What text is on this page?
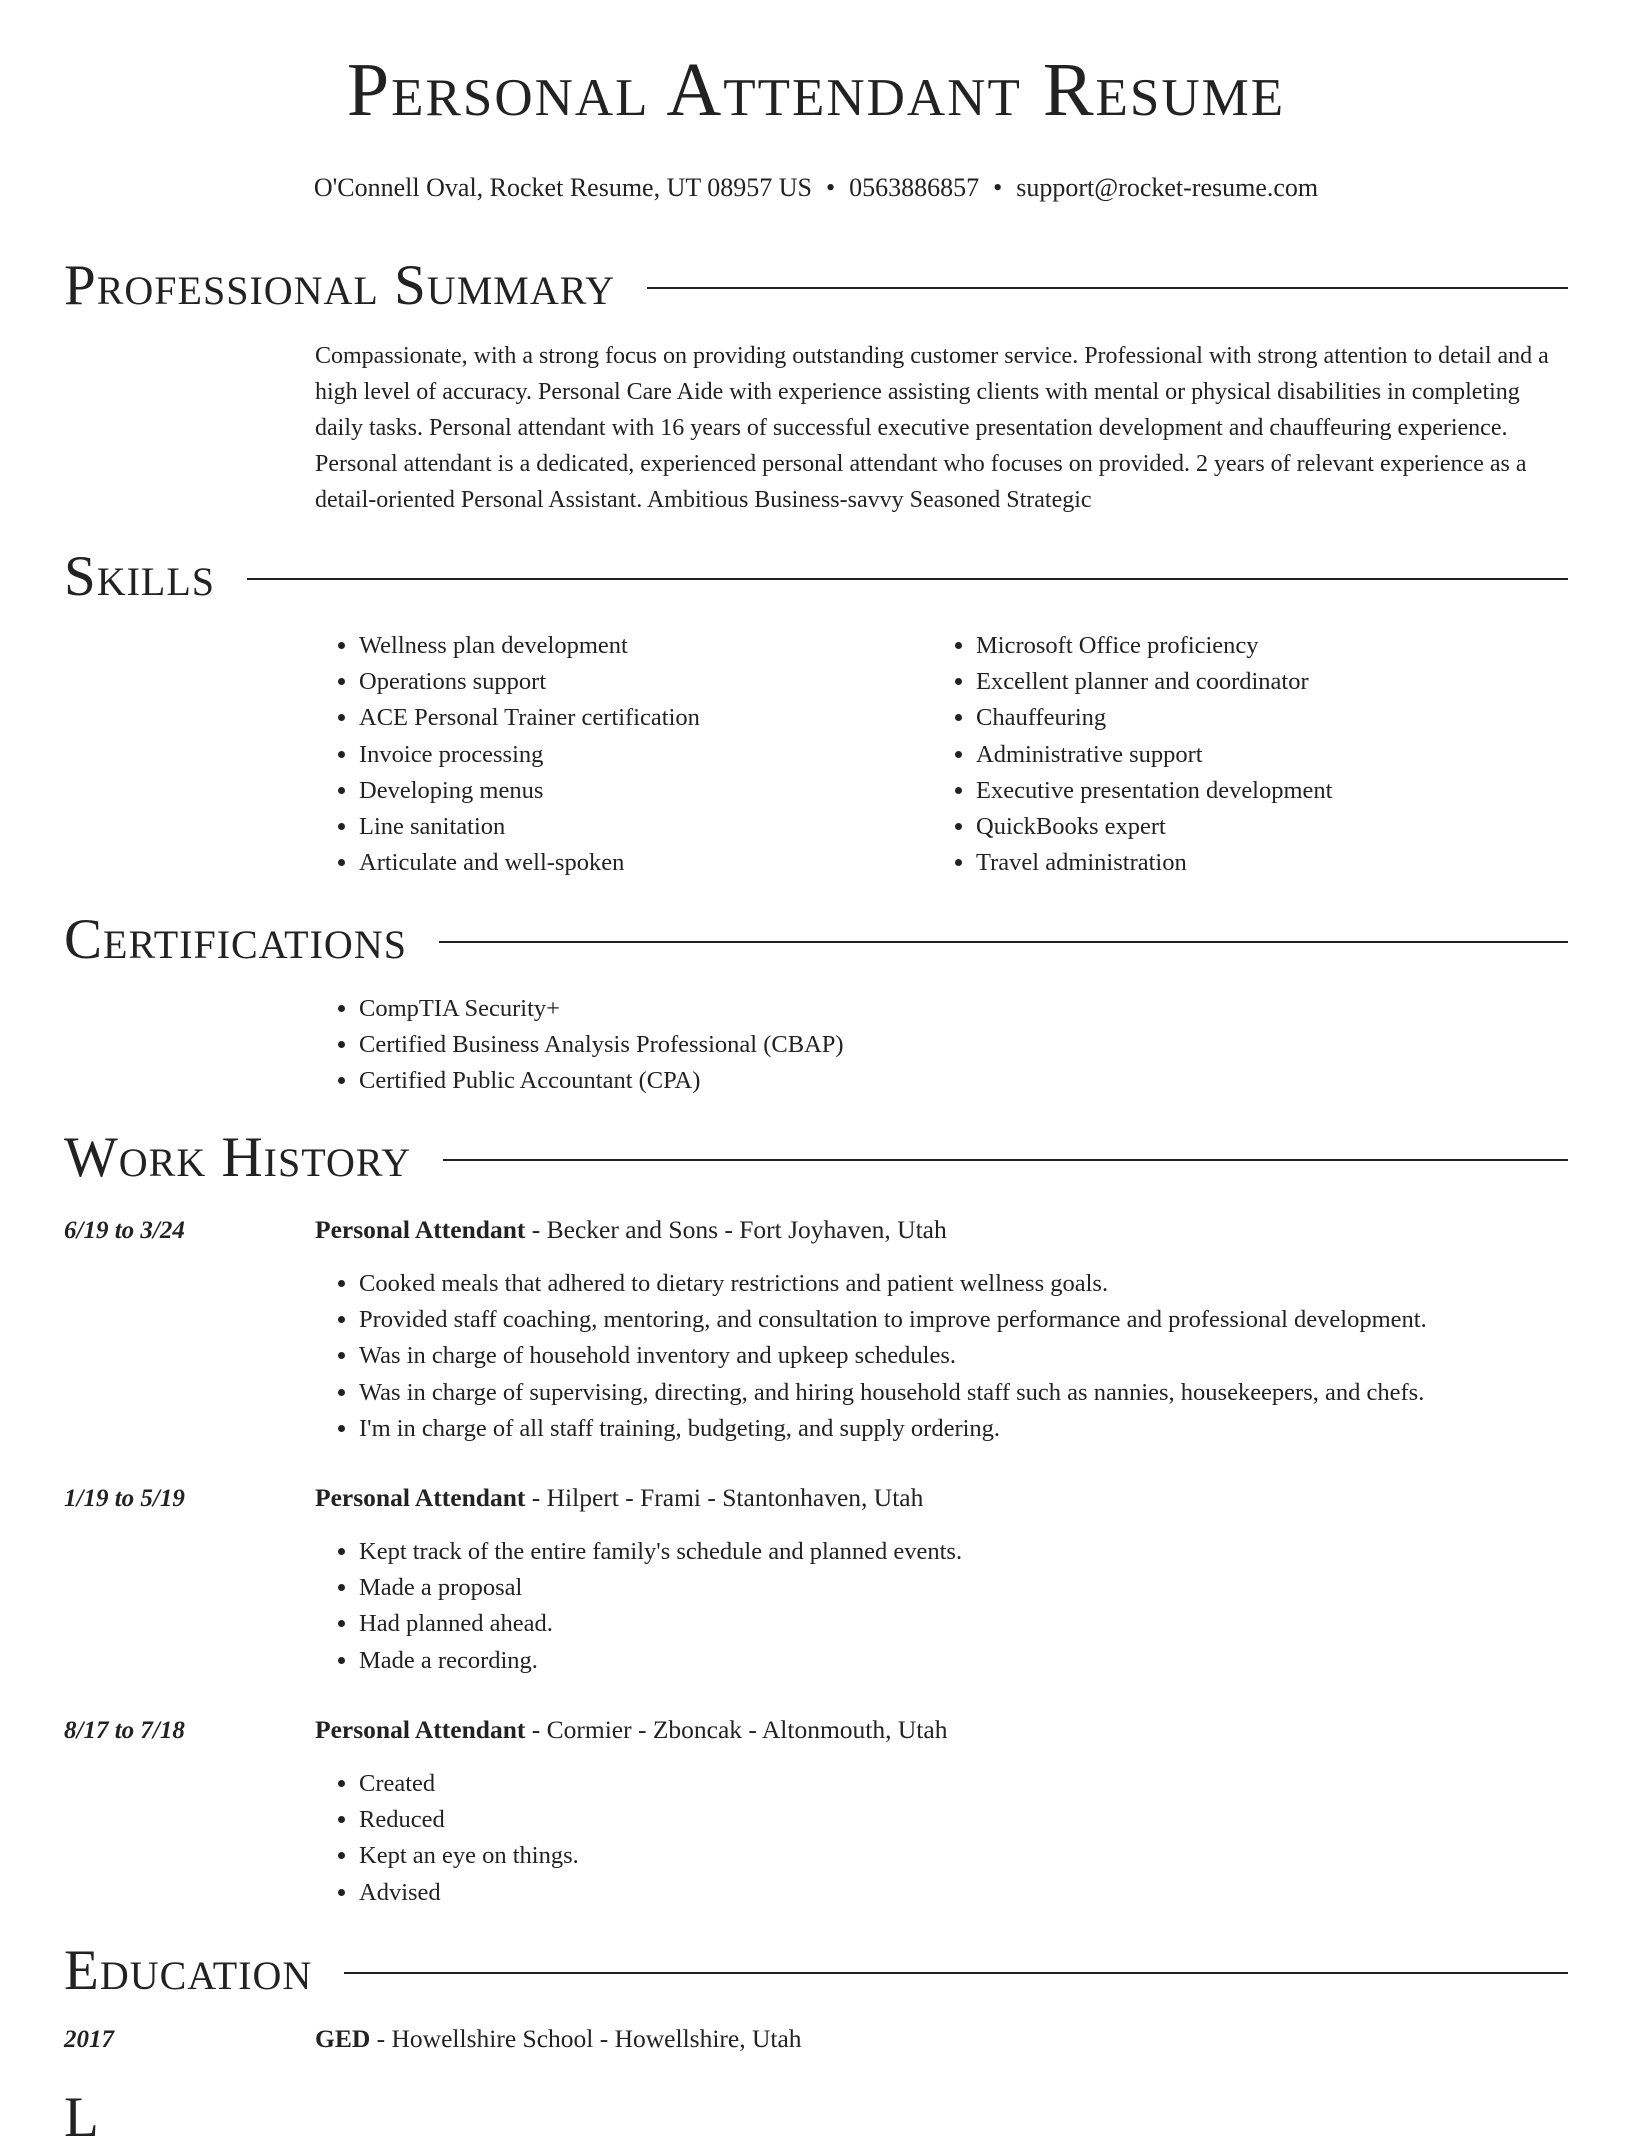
Personal Attendant Resume
O'Connell Oval, Rocket Resume, UT 08957 US • 0563886857 • support@rocket-resume.com
Professional Summary

Compassionate, with a strong focus on providing outstanding customer service. Professional with strong attention to detail and a high level of accuracy. Personal Care Aide with experience assisting clients with mental or physical disabilities in completing daily tasks. Personal attendant with 16 years of successful executive presentation development and chauffeuring experience. Personal attendant is a dedicated, experienced personal attendant who focuses on provided. 2 years of relevant experience as a detail-oriented Personal Assistant. Ambitious Business-savvy Seasoned Strategic

Skills
• Wellness plan development
• Operations support
• ACE Personal Trainer certification
• Invoice processing
• Developing menus
• Line sanitation
• Articulate and well-spoken
• Microsoft Office proficiency
• Excellent planner and coordinator
• Chauffeuring
• Administrative support
• Executive presentation development
• QuickBooks expert
• Travel administration
Certifications
• CompTIA Security+
• Certified Business Analysis Professional (CBAP)
• Certified Public Accountant (CPA)
Work History
6/19 to 3/24	Personal Attendant - Becker and Sons - Fort Joyhaven, Utah
• Cooked meals that adhered to dietary restrictions and patient wellness goals.
• Provided staff coaching, mentoring, and consultation to improve performance and professional development.
• Was in charge of household inventory and upkeep schedules.
• Was in charge of supervising, directing, and hiring household staff such as nannies, housekeepers, and chefs.
• I'm in charge of all staff training, budgeting, and supply ordering.
1/19 to 5/19	Personal Attendant - Hilpert - Frami - Stantonhaven, Utah
• Kept track of the entire family's schedule and planned events.
• Made a proposal
• Had planned ahead.
• Made a recording.
8/17 to 7/18	Personal Attendant - Cormier - Zboncak - Altonmouth, Utah
• Created
• Reduced
• Kept an eye on things.
• Advised
Education
2017	GED - Howellshire School - Howellshire, Utah
L
